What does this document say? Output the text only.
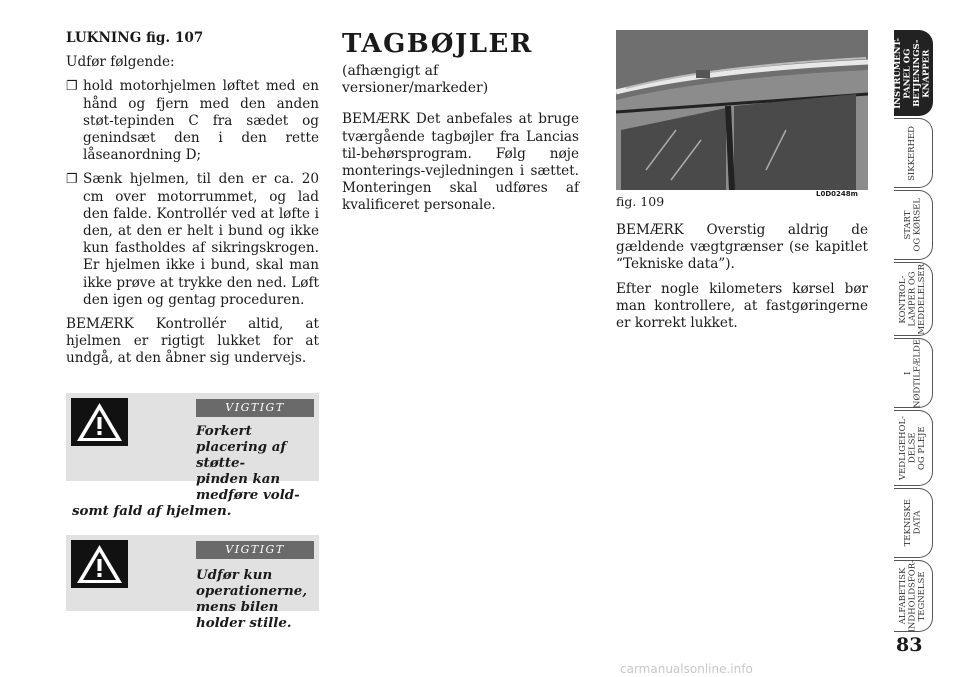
LUKNING fig. 107

Udfør følgende:

❐ hold motorhjelmen løftet med en hånd og fjern med den anden støt-tepinden C fra sædet og genindsæt den i den rette låseanordning D;
❐ Sænk hjelmen, til den er ca. 20 cm over motorrummet, og lad den falde. Kontrollér ved at løfte i den, at den er helt i bund og ikke kun fastholdes af sikringskrogen. Er hjelmen ikke i bund, skal man ikke prøve at trykke den ned. Løft den igen og gentag proceduren.

BEMÆRK Kontrollér altid, at hjelmen er rigtigt lukket for at undgå, at den åbner sig undervejs.

VIGTIGT
Forkert placering af støtte-
pinden kan medføre vold-
somt fald af hjelmen.
VIGTIGT
Udfør kun operationerne, mens bilen holder stille.
TAGBØJLER
(afhængigt af versioner/markeder)

BEMÆRK Det anbefales at bruge tværgående tagbøjler fra Lancias til-behørsprogram. Følg nøje monterings-vejledningen i sættet. Monteringen skal udføres af kvalificeret personale.	fig. 109	L0D0248m

BEMÆRK Overstig aldrig de gældende vægtgrænser (se kapitlet “Tekniske data”).

Efter nogle kilometers kørsel bør man kontrollere, at fastgøringerne er korrekt lukket.

INSTRUMENT-
PANEL OG
BETJENINGS-
KNAPPER
SIKKERHED
START
OG KØRSEL
KONTROL-
LAMPER OG
MEDDELELSER
I
NØDTILFÆLDE
VEDLIGEHOL-
DELSE
OG PLEJE
TEKNISKE
DATA
ALFABETISK
INDHOLDSFOR-
TEGNELSE
83
carmanualsonline.info
